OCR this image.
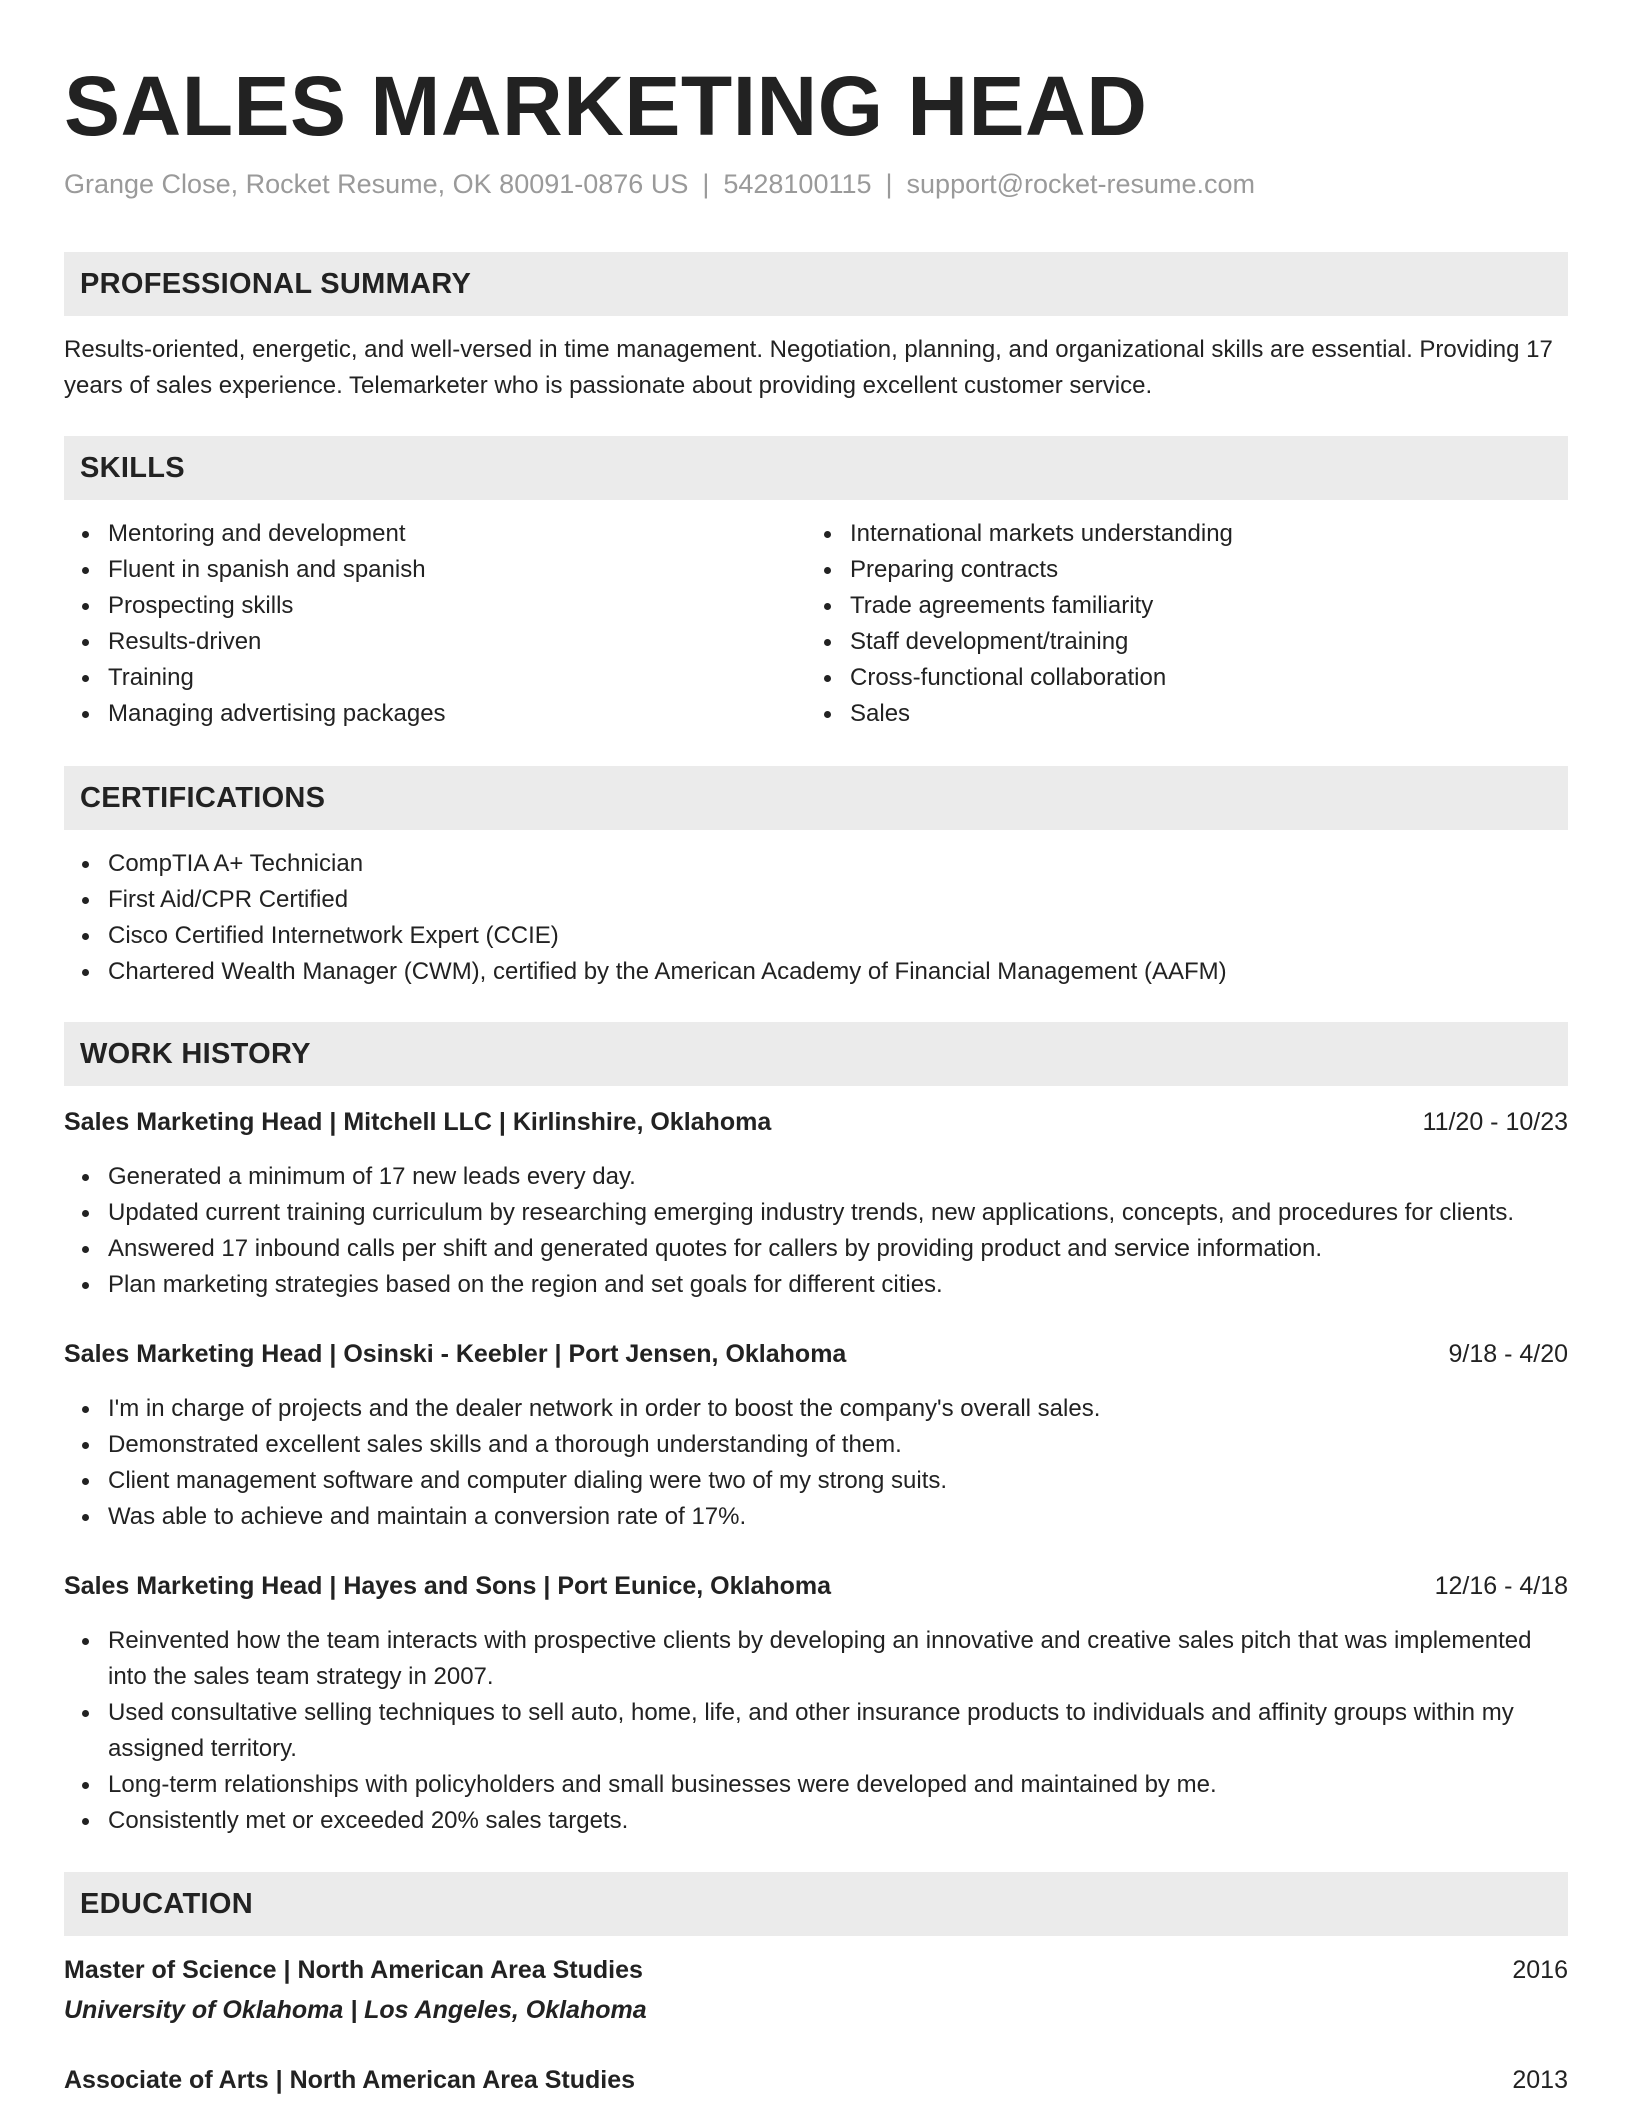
SALES MARKETING HEAD
Grange Close, Rocket Resume, OK 80091-0876 US | 5428100115 | support@rocket-resume.com
PROFESSIONAL SUMMARY
Results-oriented, energetic, and well-versed in time management. Negotiation, planning, and organizational skills are essential. Providing 17 years of sales experience. Telemarketer who is passionate about providing excellent customer service.
SKILLS
Mentoring and development
Fluent in spanish and spanish
Prospecting skills
Results-driven
Training
Managing advertising packages
International markets understanding
Preparing contracts
Trade agreements familiarity
Staff development/training
Cross-functional collaboration
Sales
CERTIFICATIONS
CompTIA A+ Technician
First Aid/CPR Certified
Cisco Certified Internetwork Expert (CCIE)
Chartered Wealth Manager (CWM), certified by the American Academy of Financial Management (AAFM)
WORK HISTORY
Sales Marketing Head | Mitchell LLC | Kirlinshire, Oklahoma	11/20 - 10/23
Generated a minimum of 17 new leads every day.
Updated current training curriculum by researching emerging industry trends, new applications, concepts, and procedures for clients.
Answered 17 inbound calls per shift and generated quotes for callers by providing product and service information.
Plan marketing strategies based on the region and set goals for different cities.
Sales Marketing Head | Osinski - Keebler | Port Jensen, Oklahoma	9/18 - 4/20
I'm in charge of projects and the dealer network in order to boost the company's overall sales.
Demonstrated excellent sales skills and a thorough understanding of them.
Client management software and computer dialing were two of my strong suits.
Was able to achieve and maintain a conversion rate of 17%.
Sales Marketing Head | Hayes and Sons | Port Eunice, Oklahoma	12/16 - 4/18
Reinvented how the team interacts with prospective clients by developing an innovative and creative sales pitch that was implemented into the sales team strategy in 2007.
Used consultative selling techniques to sell auto, home, life, and other insurance products to individuals and affinity groups within my assigned territory.
Long-term relationships with policyholders and small businesses were developed and maintained by me.
Consistently met or exceeded 20% sales targets.
EDUCATION
Master of Science | North American Area Studies	2016
University of Oklahoma | Los Angeles, Oklahoma
Associate of Arts | North American Area Studies	2013
